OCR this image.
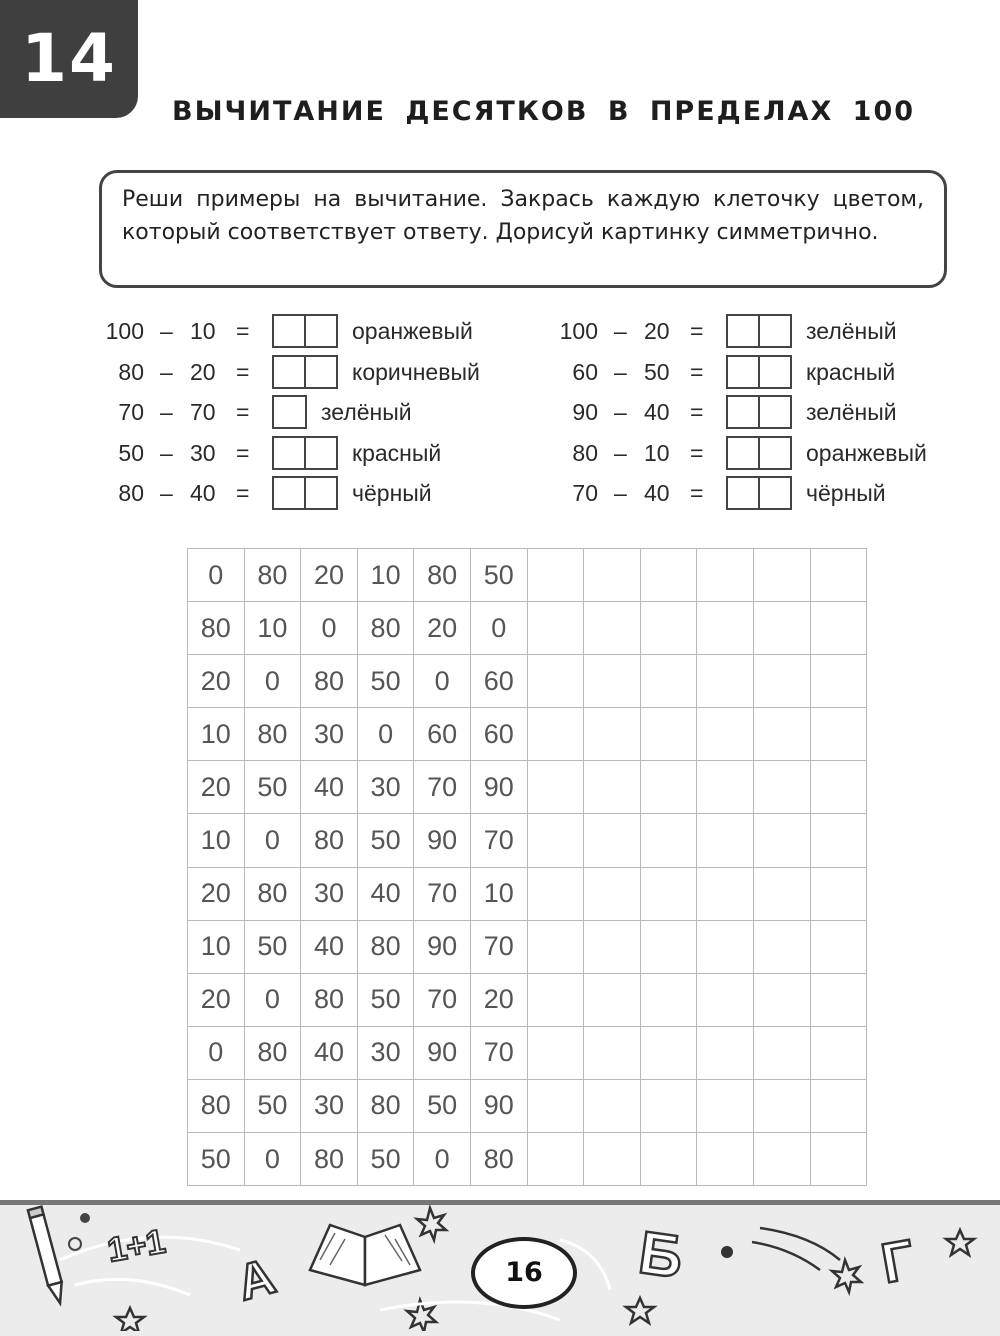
14
ВЫЧИТАНИЕ ДЕСЯТКОВ В ПРЕДЕЛАХ 100
Реши примеры на вычитание. Закрась каждую клеточку цветом, который соответствует ответу. Дорисуй картинку симметрично.
100 – 10 =	оранжевый
80 – 20 =	коричневый
70 – 70 =	зелёный
50 – 30 =	красный
80 – 40 =	чёрный
100 – 20 =	зелёный
60 – 50 =	красный
90 – 40 =	зелёный
80 – 10 =	оранжевый
70 – 40 =	чёрный
0	80	20	10	80	50						
80	10	0	80	20	0						
20	0	80	50	0	60						
10	80	30	0	60	60						
20	50	40	30	70	90						
10	0	80	50	90	70						
20	80	30	40	70	10						
10	50	40	80	90	70						
20	0	80	50	70	20						
0	80	40	30	90	70						
80	50	30	80	50	90						
50	0	80	50	0	80						
1+1
А	Б	Г
16
